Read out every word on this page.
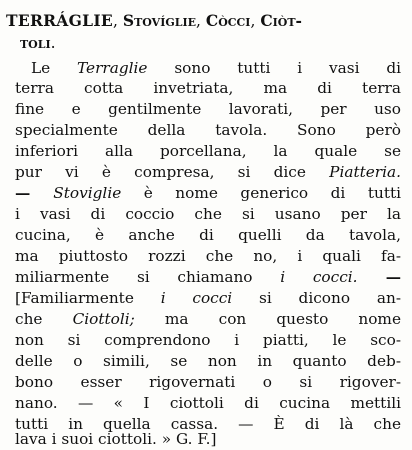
TERRÁGLIE, Stovíglie, Còcci, Ciòt-
toli.
Le Terraglie sono tutti i vasi di
terra cotta invetriata, ma di terra
fine e gentilmente lavorati, per uso
specialmente della tavola. Sono però
inferiori alla porcellana, la quale se
pur vi è compresa, si dice Piatteria.
— Stoviglie è nome generico di tutti
i vasi di coccio che si usano per la
cucina, è anche di quelli da tavola,
ma piuttosto rozzi che no, i quali fa-
miliarmente si chiamano i cocci. —
[Familiarmente i cocci si dicono an-
che Ciottoli; ma con questo nome
non si comprendono i piatti, le sco-
delle o simili, se non in quanto deb-
bono esser rigovernati o si rigover-
nano. — « I ciottoli di cucina mettili
tutti in quella cassa. — È di là che
lava i suoi ciottoli. » G. F.]
